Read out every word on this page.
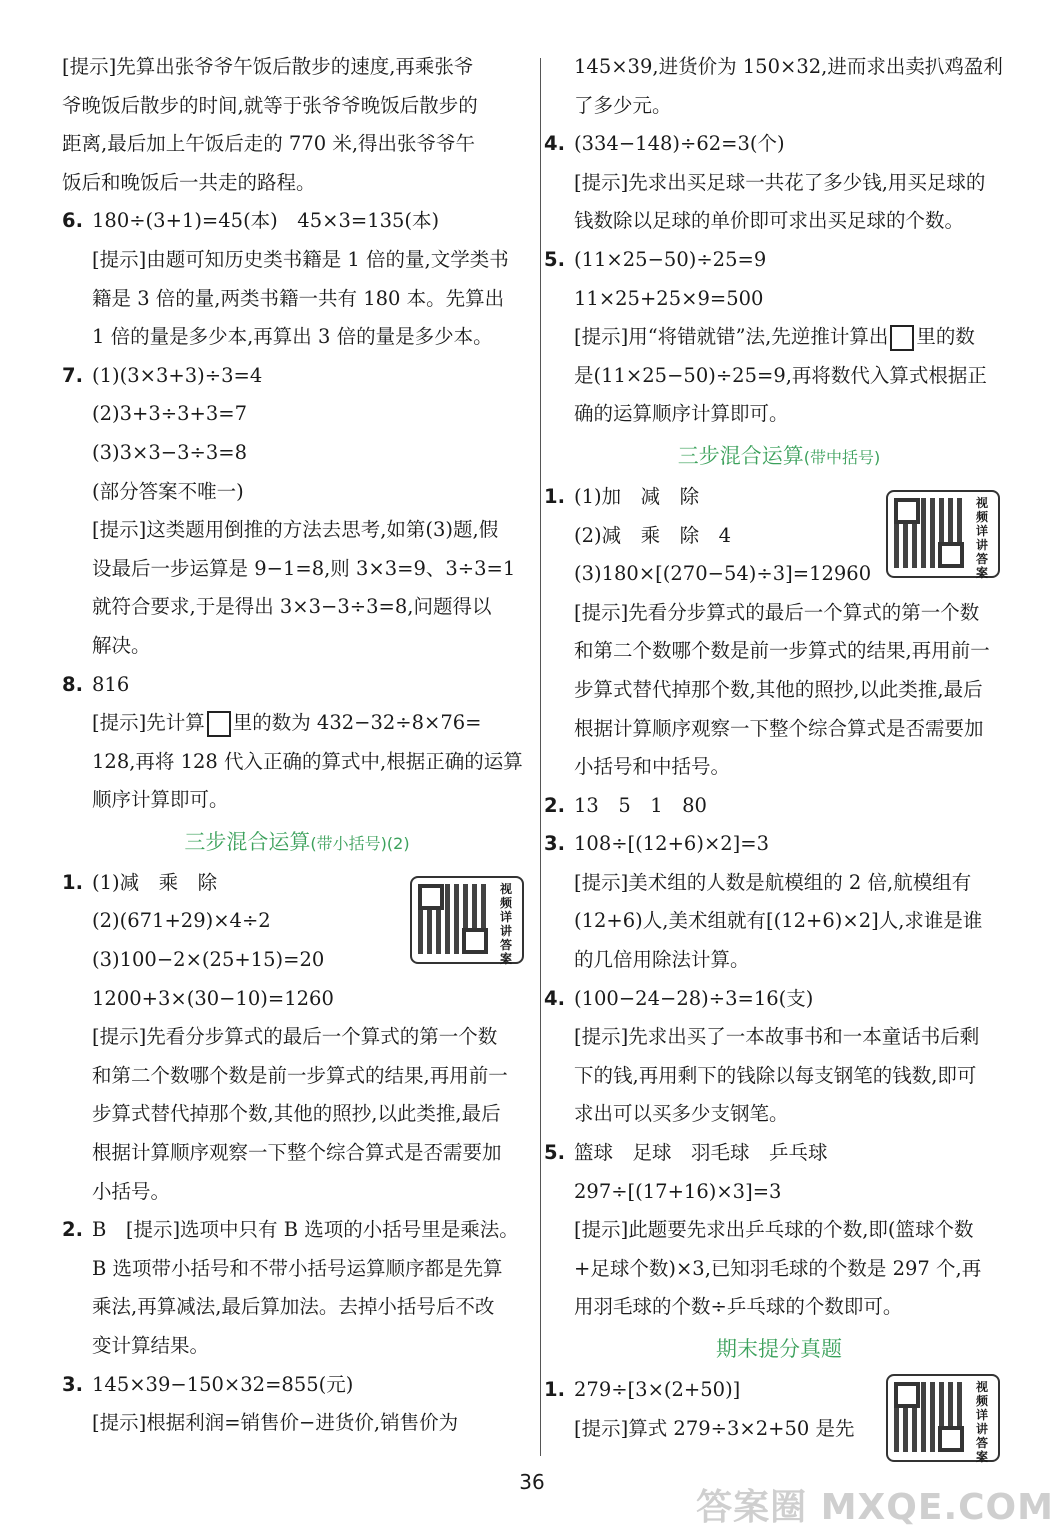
[提示]先算出张爷爷午饭后散步的速度,再乘张爷
爷晚饭后散步的时间,就等于张爷爷晚饭后散步的
距离,最后加上午饭后走的 770 米,得出张爷爷午
饭后和晚饭后一共走的路程。
6. 180÷(3+1)=45(本)　45×3=135(本)
[提示]由题可知历史类书籍是 1 倍的量,文学类书
籍是 3 倍的量,两类书籍一共有 180 本。先算出
1 倍的量是多少本,再算出 3 倍的量是多少本。
7. (1)(3×3+3)÷3=4
(2)3+3÷3+3=7
(3)3×3−3÷3=8
(部分答案不唯一)
[提示]这类题用倒推的方法去思考,如第(3)题,假
设最后一步运算是 9−1=8,则 3×3=9、3÷3=1
就符合要求,于是得出 3×3−3÷3=8,问题得以
解决。
8. 816
[提示]先计算 里的数为 432−32÷8×76=
128,再将 128 代入正确的算式中,根据正确的运算
顺序计算即可。
三步混合运算(带小括号)(2)
1. (1)减　乘　除
(2)(671+29)×4÷2
(3)100−2×(25+15)=20
1200+3×(30−10)=1260
[提示]先看分步算式的最后一个算式的第一个数
和第二个数哪个数是前一步算式的结果,再用前一
步算式替代掉那个数,其他的照抄,以此类推,最后
根据计算顺序观察一下整个综合算式是否需要加
小括号。
2. B　[提示]选项中只有 B 选项的小括号里是乘法。
B 选项带小括号和不带小括号运算顺序都是先算
乘法,再算减法,最后算加法。去掉小括号后不改
变计算结果。
3. 145×39−150×32=855(元)
[提示]根据利润=销售价−进货价,销售价为
视频详讲答案
145×39,进货价为 150×32,进而求出卖扒鸡盈利
了多少元。
4. (334−148)÷62=3(个)
[提示]先求出买足球一共花了多少钱,用买足球的
钱数除以足球的单价即可求出买足球的个数。
5. (11×25−50)÷25=9
11×25+25×9=500
[提示]用“将错就错”法,先逆推计算出 里的数
是(11×25−50)÷25=9,再将数代入算式根据正
确的运算顺序计算即可。
三步混合运算(带中括号)
1. (1)加　减　除
(2)减　乘　除　4
(3)180×[(270−54)÷3]=12960
[提示]先看分步算式的最后一个算式的第一个数
和第二个数哪个数是前一步算式的结果,再用前一
步算式替代掉那个数,其他的照抄,以此类推,最后
根据计算顺序观察一下整个综合算式是否需要加
小括号和中括号。
2. 13　5　1　80
3. 108÷[(12+6)×2]=3
[提示]美术组的人数是航模组的 2 倍,航模组有
(12+6)人,美术组就有[(12+6)×2]人,求谁是谁
的几倍用除法计算。
4. (100−24−28)÷3=16(支)
[提示]先求出买了一本故事书和一本童话书后剩
下的钱,再用剩下的钱除以每支钢笔的钱数,即可
求出可以买多少支钢笔。
5. 篮球　足球　羽毛球　乒乓球
297÷[(17+16)×3]=3
[提示]此题要先求出乒乓球的个数,即(篮球个数
+足球个数)×3,已知羽毛球的个数是 297 个,再
用羽毛球的个数÷乒乓球的个数即可。
期末提分真题
1. 279÷[3×(2+50)]
[提示]算式 279÷3×2+50 是先
视频详讲答案
视频详讲答案
36
答案圈 MXQE.COM
